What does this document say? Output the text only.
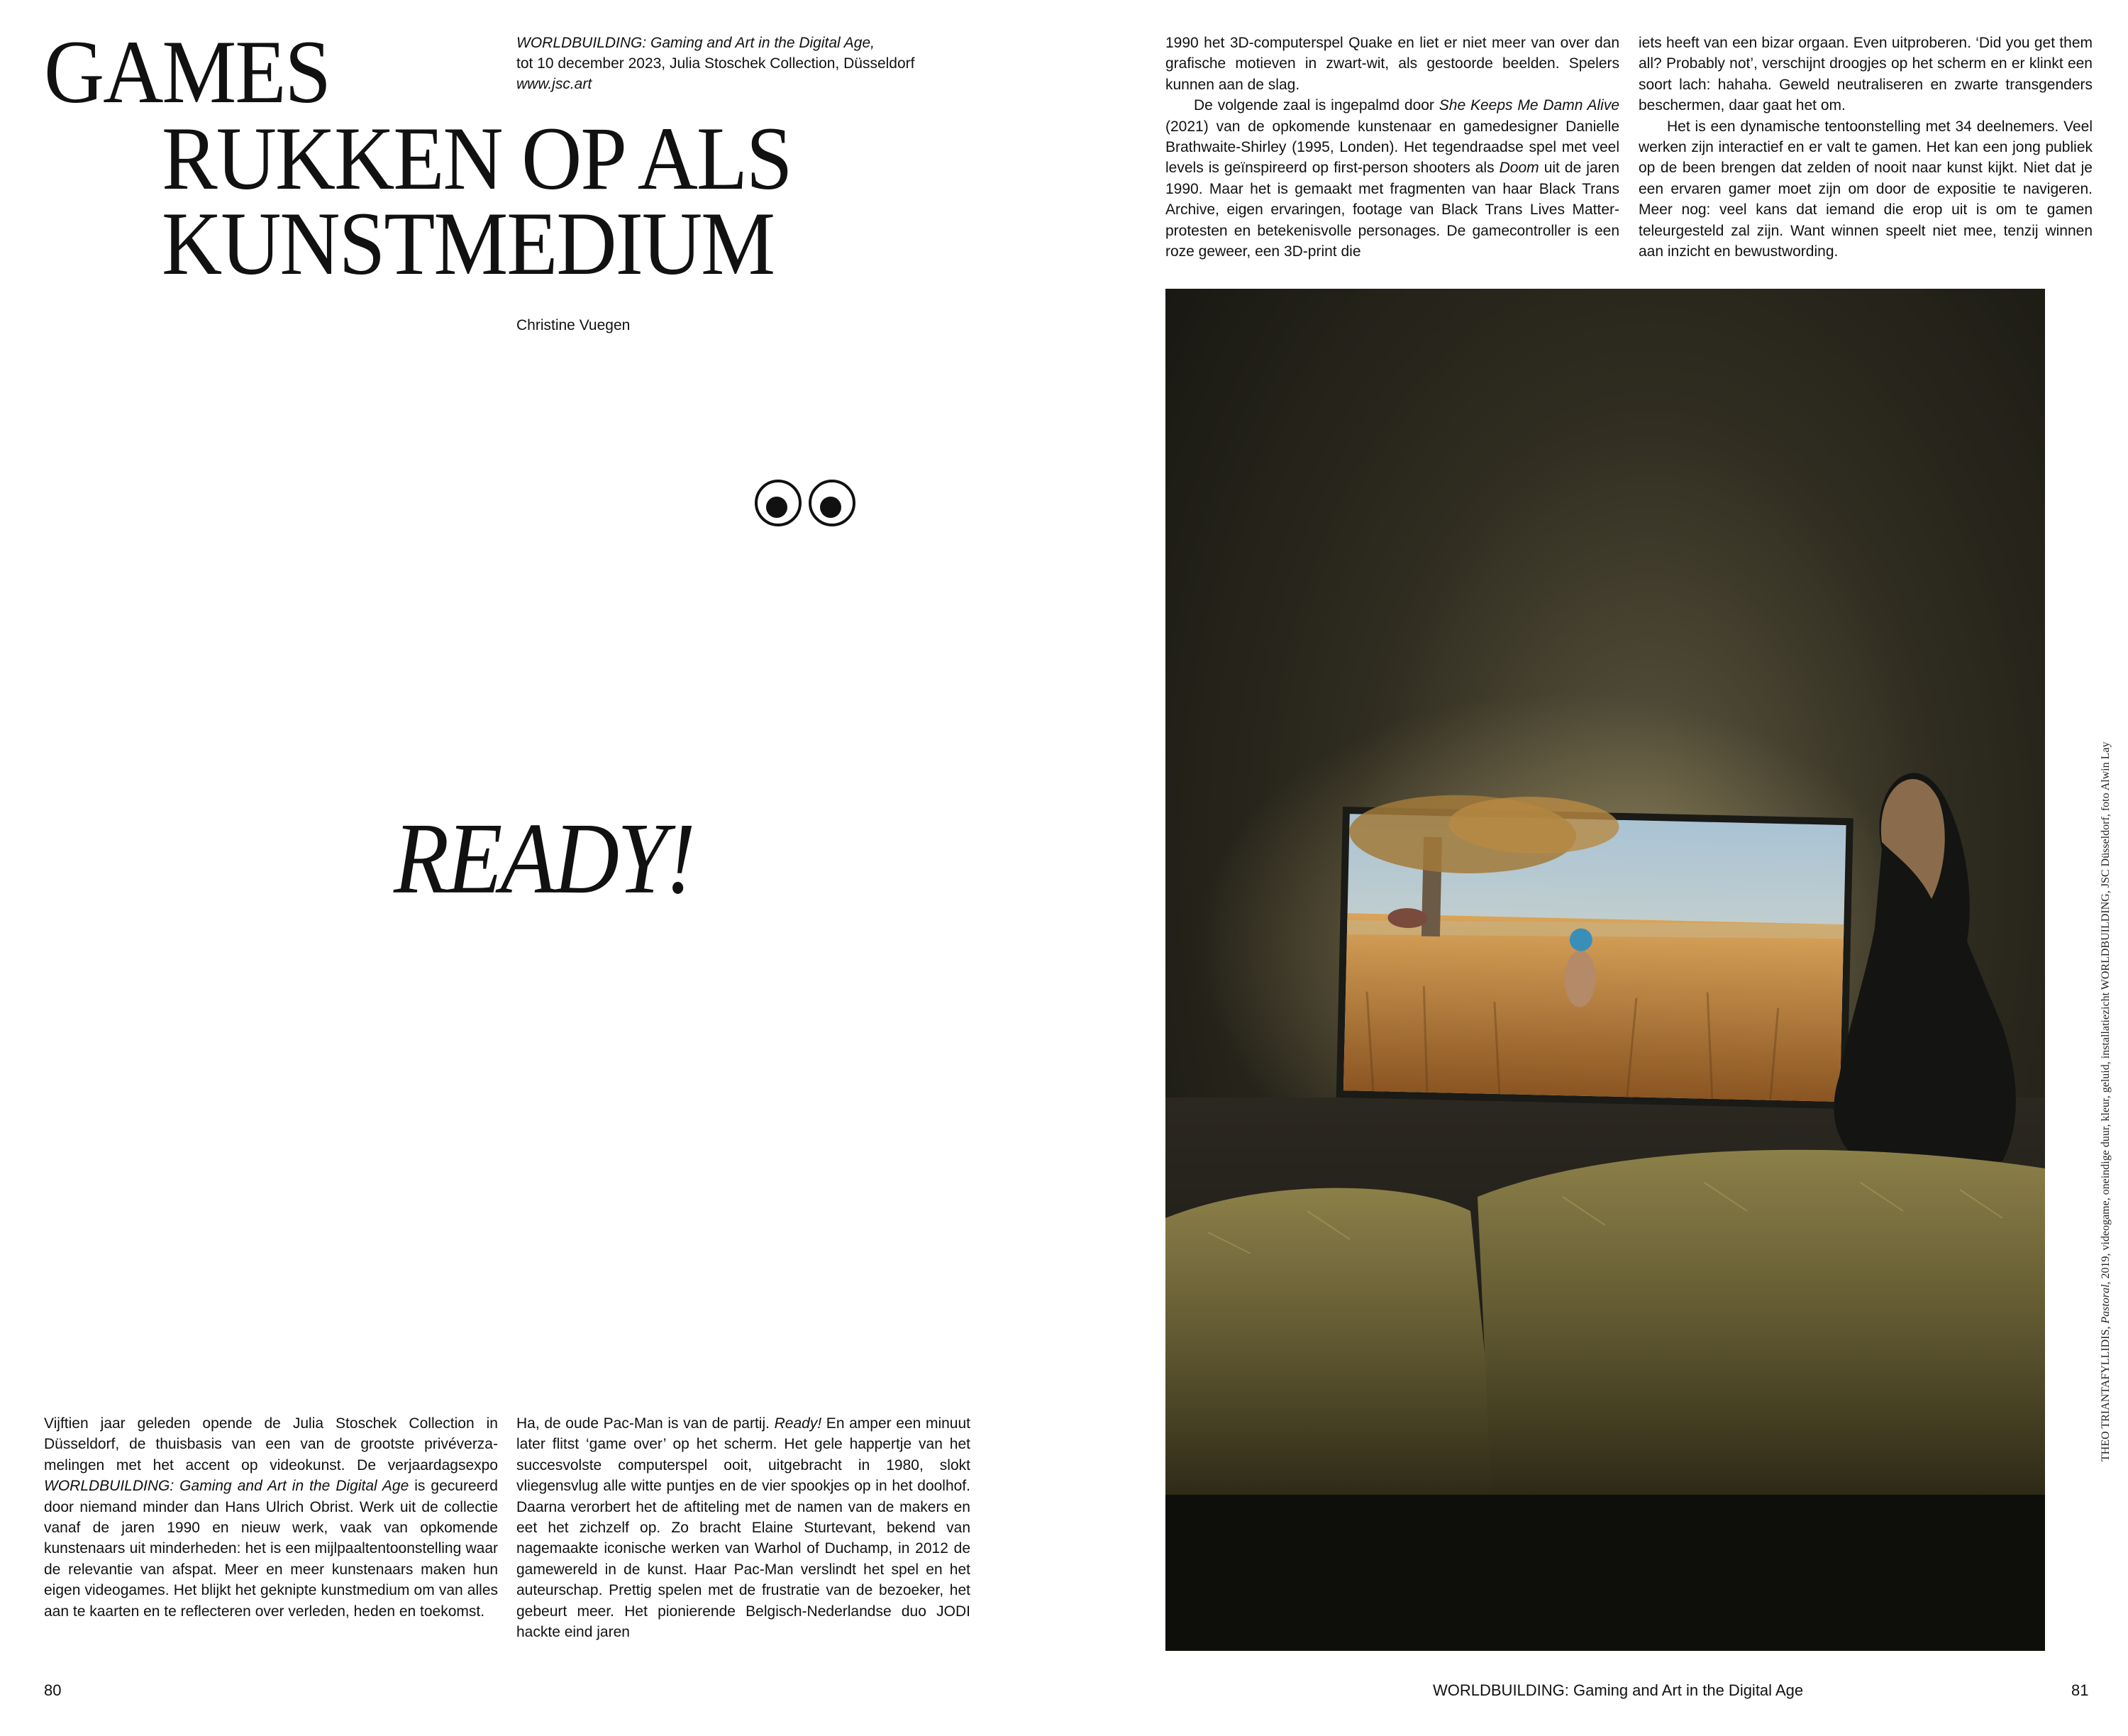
GAMES
RUKKEN OP ALS
KUNSTMEDIUM
WORLDBUILDING: Gaming and Art in the Digital Age,
tot 10 december 2023, Julia Stoschek Collection, Düsseldorf
www.jsc.art
Christine Vuegen
READY!

Vijftien jaar geleden opende de Julia Stoschek Collection in Düsseldorf, de thuisbasis van een van de grootste privéverzamelingen met het accent op videokunst. De verjaardagsexpo WORLDBUILDING: Gaming and Art in the Digital Age is gecureerd door niemand minder dan Hans Ulrich Obrist. Werk uit de collectie vanaf de jaren 1990 en nieuw werk, vaak van opkomende kunstenaars uit minderheden: het is een mijlpaaltentoonstelling waar de relevantie van afspat. Meer en meer kunstenaars maken hun eigen videogames. Het blijkt het geknipte kunstmedium om van alles aan te kaarten en te reflecteren over verleden, heden en toekomst.

Ha, de oude Pac-Man is van de partij. Ready! En amper een minuut later flitst ‘game over’ op het scherm. Het gele happertje van het succesvolste computerspel ooit, uitgebracht in 1980, slokt vliegensvlug alle witte puntjes en de vier spookjes op in het doolhof. Daarna verorbert het de aftiteling met de namen van de makers en eet het zichzelf op. Zo bracht Elaine Sturtevant, bekend van nagemaakte iconische werken van Warhol of Duchamp, in 2012 de gamewereld in de kunst. Haar Pac-Man verslindt het spel en het auteurschap. Prettig spelen met de frustratie van de bezoeker, het gebeurt meer. Het pionierende Belgisch-Nederlandse duo JODI hackte eind jaren

80

1990 het 3D-computerspel Quake en liet er niet meer van over dan grafische motieven in zwart-wit, als gestoorde beelden. Spelers kunnen aan de slag.

De volgende zaal is ingepalmd door She Keeps Me Damn Alive (2021) van de opkomende kunstenaar en gamedesigner Danielle Brathwaite-Shirley (1995, Londen). Het tegendraadse spel met veel levels is geïnspireerd op first-person shooters als Doom uit de jaren 1990. Maar het is gemaakt met fragmenten van haar Black Trans Archive, eigen ervaringen, footage van Black Trans Lives Matter-protesten en betekenisvolle personages. De gamecontroller is een roze geweer, een 3D-print die

iets heeft van een bizar orgaan. Even uitproberen. ‘Did you get them all? Probably not’, verschijnt droogjes op het scherm en er klinkt een soort lach: hahaha. Geweld neutraliseren en zwarte transgenders beschermen, daar gaat het om.

Het is een dynamische tentoonstelling met 34 deelnemers. Veel werken zijn interactief en er valt te gamen. Het kan een jong publiek op de been brengen dat zelden of nooit naar kunst kijkt. Niet dat je een ervaren gamer moet zijn om door de expositie te navigeren. Meer nog: veel kans dat iemand die erop uit is om te gamen teleurgesteld zal zijn. Want winnen speelt niet mee, tenzij winnen aan inzicht en bewustwording.

THEO TRIANTAFYLLIDIS, Pastoral, 2019, videogame, oneindige duur, kleur, geluid, installatiezicht WORLDBUILDING, JSC Düsseldorf, foto Alwin Lay
WORLDBUILDING: Gaming and Art in the Digital Age	81
